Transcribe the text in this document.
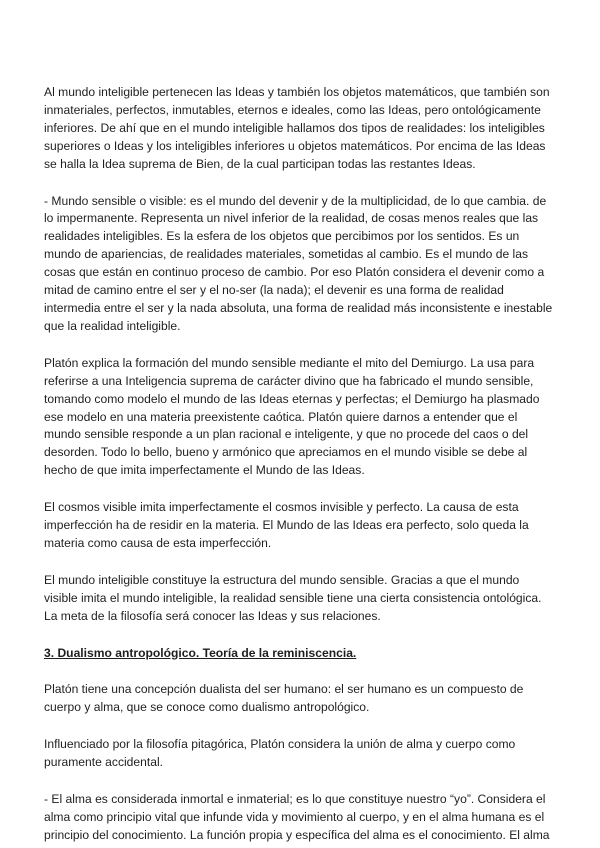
Al mundo inteligible pertenecen las Ideas y también los objetos matemáticos, que también son inmateriales, perfectos, inmutables, eternos e ideales, como las Ideas, pero ontológicamente inferiores. De ahí que en el mundo inteligible hallamos dos tipos de realidades: los inteligibles superiores o Ideas y los inteligibles inferiores u objetos matemáticos. Por encima de las Ideas se halla la Idea suprema de Bien, de la cual participan todas las restantes Ideas.

- Mundo sensible o visible: es el mundo del devenir y de la multiplicidad, de lo que cambia. de lo impermanente. Representa un nivel inferior de la realidad, de cosas menos reales que las realidades inteligibles. Es la esfera de los objetos que percibimos por los sentidos. Es un mundo de apariencias, de realidades materiales, sometidas al cambio. Es el mundo de las cosas que están en continuo proceso de cambio. Por eso Platón considera el devenir como a mitad de camino entre el ser y el no-ser (la nada); el devenir es una forma de realidad intermedia entre el ser y la nada absoluta, una forma de realidad más inconsistente e inestable que la realidad inteligible.

Platón explica la formación del mundo sensible mediante el mito del Demiurgo. La usa para referirse a una Inteligencia suprema de carácter divino que ha fabricado el mundo sensible, tomando como modelo el mundo de las Ideas eternas y perfectas; el Demiurgo ha plasmado ese modelo en una materia preexistente caótica. Platón quiere darnos a entender que el mundo sensible responde a un plan racional e inteligente, y que no procede del caos o del desorden. Todo lo bello, bueno y armónico que apreciamos en el mundo visible se debe al hecho de que imita imperfectamente el Mundo de las Ideas.

El cosmos visible imita imperfectamente el cosmos invisible y perfecto. La causa de esta imperfección ha de residir en la materia. El Mundo de las Ideas era perfecto, solo queda la materia como causa de esta imperfección.

El mundo inteligible constituye la estructura del mundo sensible. Gracias a que el mundo visible imita el mundo inteligible, la realidad sensible tiene una cierta consistencia ontológica. La meta de la filosofía será conocer las Ideas y sus relaciones.

3. Dualismo antropológico. Teoría de la reminiscencia.

Platón tiene una concepción dualista del ser humano: el ser humano es un compuesto de cuerpo y alma, que se conoce como dualismo antropológico.

Influenciado por la filosofía pitagórica, Platón considera la unión de alma y cuerpo como puramente accidental.

- El alma es considerada inmortal e inmaterial; es lo que constituye nuestro “yo”. Considera el alma como principio vital que infunde vida y movimiento al cuerpo, y en el alma humana es el principio del conocimiento. La función propia y específica del alma es el conocimiento. El alma
